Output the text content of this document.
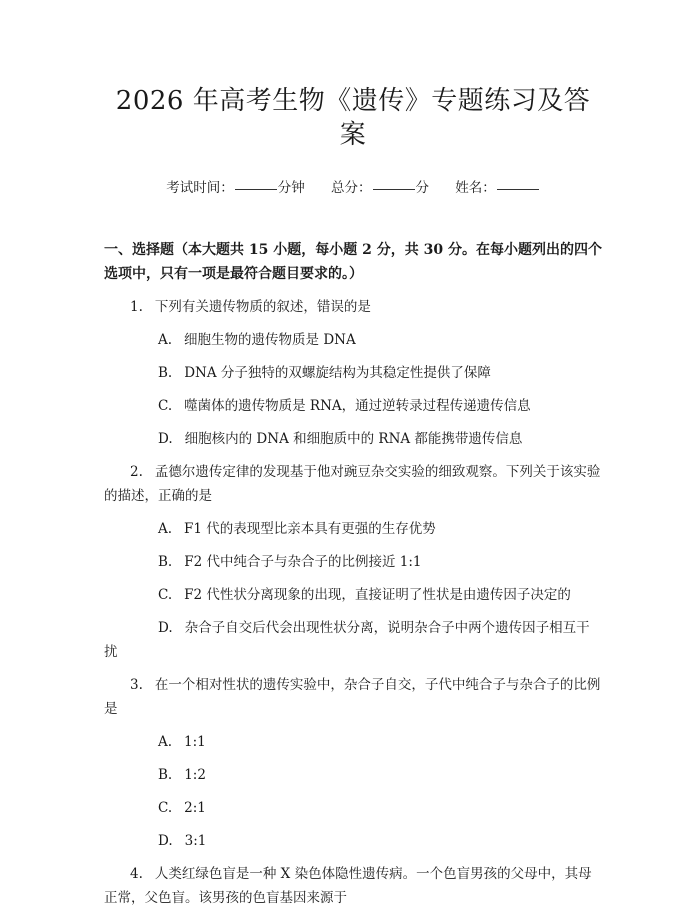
2026 年高考生物《遗传》专题练习及答案
考试时间：	分钟 总分：	分 姓名：
一、选择题（本大题共 15 小题，每小题 2 分，共 30 分。在每小题列出的四个选项中，只有一项是最符合题目要求的。）
1. 下列有关遗传物质的叙述，错误的是
A. 细胞生物的遗传物质是 DNA
B. DNA 分子独特的双螺旋结构为其稳定性提供了保障
C. 噬菌体的遗传物质是 RNA，通过逆转录过程传递遗传信息
D. 细胞核内的 DNA 和细胞质中的 RNA 都能携带遗传信息
2. 孟德尔遗传定律的发现基于他对豌豆杂交实验的细致观察。下列关于该实验的描述，正确的是
A. F1 代的表现型比亲本具有更强的生存优势
B. F2 代中纯合子与杂合子的比例接近 1:1
C. F2 代性状分离现象的出现，直接证明了性状是由遗传因子决定的
D. 杂合子自交后代会出现性状分离，说明杂合子中两个遗传因子相互干扰
3. 在一个相对性状的遗传实验中，杂合子自交，子代中纯合子与杂合子的比例是
A. 1:1
B. 1:2
C. 2:1
D. 3:1
4. 人类红绿色盲是一种 X 染色体隐性遗传病。一个色盲男孩的父母中，其母正常，父色盲。该男孩的色盲基因来源于
